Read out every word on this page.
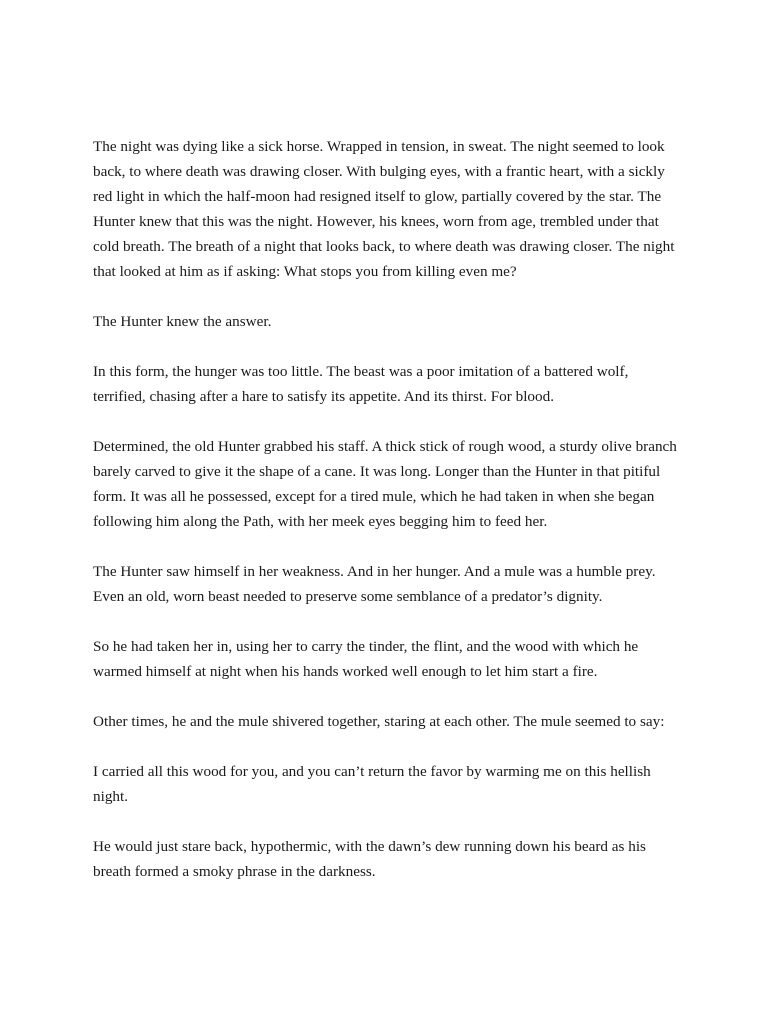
The night was dying like a sick horse. Wrapped in tension, in sweat. The night seemed to look back, to where death was drawing closer. With bulging eyes, with a frantic heart, with a sickly red light in which the half-moon had resigned itself to glow, partially covered by the star. The Hunter knew that this was the night. However, his knees, worn from age, trembled under that cold breath. The breath of a night that looks back, to where death was drawing closer. The night that looked at him as if asking: What stops you from killing even me?

The Hunter knew the answer.

In this form, the hunger was too little. The beast was a poor imitation of a battered wolf, terrified, chasing after a hare to satisfy its appetite. And its thirst. For blood.

Determined, the old Hunter grabbed his staff. A thick stick of rough wood, a sturdy olive branch barely carved to give it the shape of a cane. It was long. Longer than the Hunter in that pitiful form. It was all he possessed, except for a tired mule, which he had taken in when she began following him along the Path, with her meek eyes begging him to feed her.

The Hunter saw himself in her weakness. And in her hunger. And a mule was a humble prey. Even an old, worn beast needed to preserve some semblance of a predator’s dignity.

So he had taken her in, using her to carry the tinder, the flint, and the wood with which he warmed himself at night when his hands worked well enough to let him start a fire.

Other times, he and the mule shivered together, staring at each other. The mule seemed to say:

I carried all this wood for you, and you can’t return the favor by warming me on this hellish night.

He would just stare back, hypothermic, with the dawn’s dew running down his beard as his breath formed a smoky phrase in the darkness.
